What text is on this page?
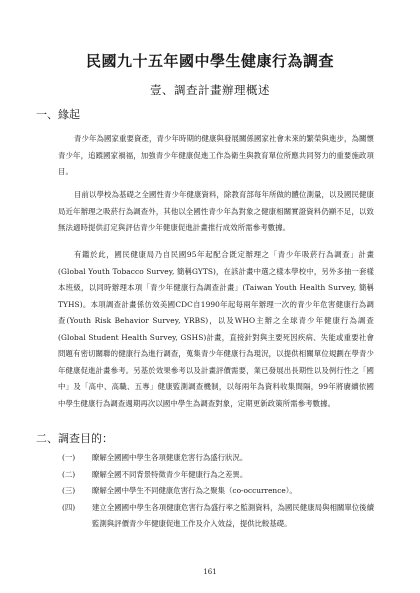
民國九十五年國中學生健康行為調查
壹、調查計畫辦理概述
一、緣起

青少年為國家重要資產，青少年時期的健康與發展關係國家社會未來的繁榮與進步，為關懷青少年，追蹤國家禍福，加強青少年健康促進工作為衛生與教育單位所應共同努力的重要施政項目。

目前以學校為基礎之全國性青少年健康資料，除教育部每年所做的體位測量，以及國民健康局近年辦理之吸菸行為調查外，其他以全國性青少年為對象之健康相關實證資料仍顯不足，以致無法適時提供訂定與評估青少年健康促進計畫推行成效所需參考數據。

有鑑於此，國民健康局乃自民國95年起配合既定辦理之「青少年吸菸行為調查」計畫(Global Youth Tobacco Survey, 簡稱GYTS)，在該計畫中選之樣本學校中，另外多抽一套樣本班級，以同時辦理本項「青少年健康行為調查計畫」(Taiwan Youth Health Survey, 簡稱TYHS)。本項調查計畫係仿效美國CDC自1990年起每兩年辦理一次的青少年危害健康行為調查(Youth Risk Behavior Survey, YRBS)，以及WHO主辦之全球青少年健康行為調查(Global Student Health Survey, GSHS)計畫，直接針對與主要死因疾病、失能或重要社會問題有密切關聯的健康行為進行調查，蒐集青少年健康行為現況，以提供相關單位規劃在學青少年健康促進計畫參考。另基於效果參考以及計畫評價需要，業已發展出長期性以及例行性之「國中」及「高中、高職、五專」健康監測調查機制，以每兩年為資料收集間隔，99年將賡續依國中學生健康行為調查週期再次以國中學生為調查對象，定期更新政策所需參考數據。

二、調查目的：
(一)	瞭解全國國中學生各項健康危害行為盛行狀況。
(二)	瞭解全國不同背景特徵青少年健康行為之差異。
(三)	瞭解全國中學生不同健康危害行為之聚集（co-occurrence）。
(四)	建立全國國中學生各項健康危害行為盛行率之監測資料，為國民健康局與相關單位後續監測與評價青少年健康促進工作及介入效益，提供比較基礎。
161
